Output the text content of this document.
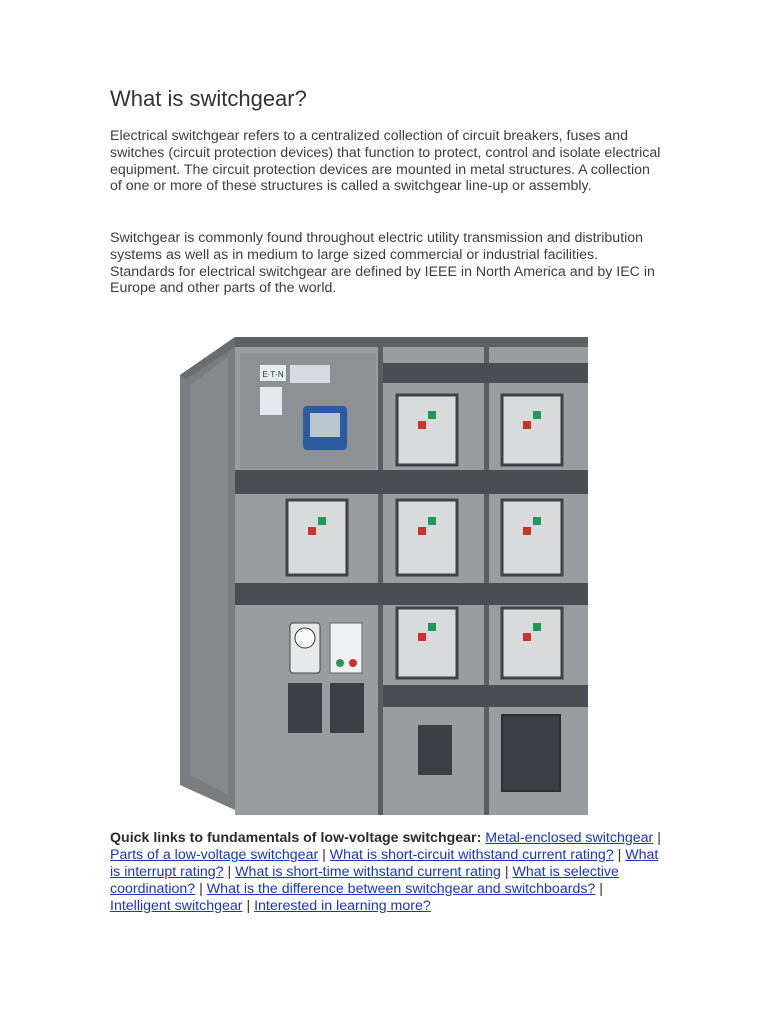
What is switchgear?

Electrical switchgear refers to a centralized collection of circuit breakers, fuses and switches (circuit protection devices) that function to protect, control and isolate electrical equipment. The circuit protection devices are mounted in metal structures. A collection of one or more of these structures is called a switchgear line-up or assembly.

Switchgear is commonly found throughout electric utility transmission and distribution systems as well as in medium to large sized commercial or industrial facilities. Standards for electrical switchgear are defined by IEEE in North America and by IEC in Europe and other parts of the world.

E·T·N

Quick links to fundamentals of low-voltage switchgear: Metal-enclosed switchgear | Parts of a low-voltage switchgear | What is short-circuit withstand current rating? | What is interrupt rating? | What is short-time withstand current rating | What is selective coordination? | What is the difference between switchgear and switchboards? | Intelligent switchgear | Interested in learning more?
